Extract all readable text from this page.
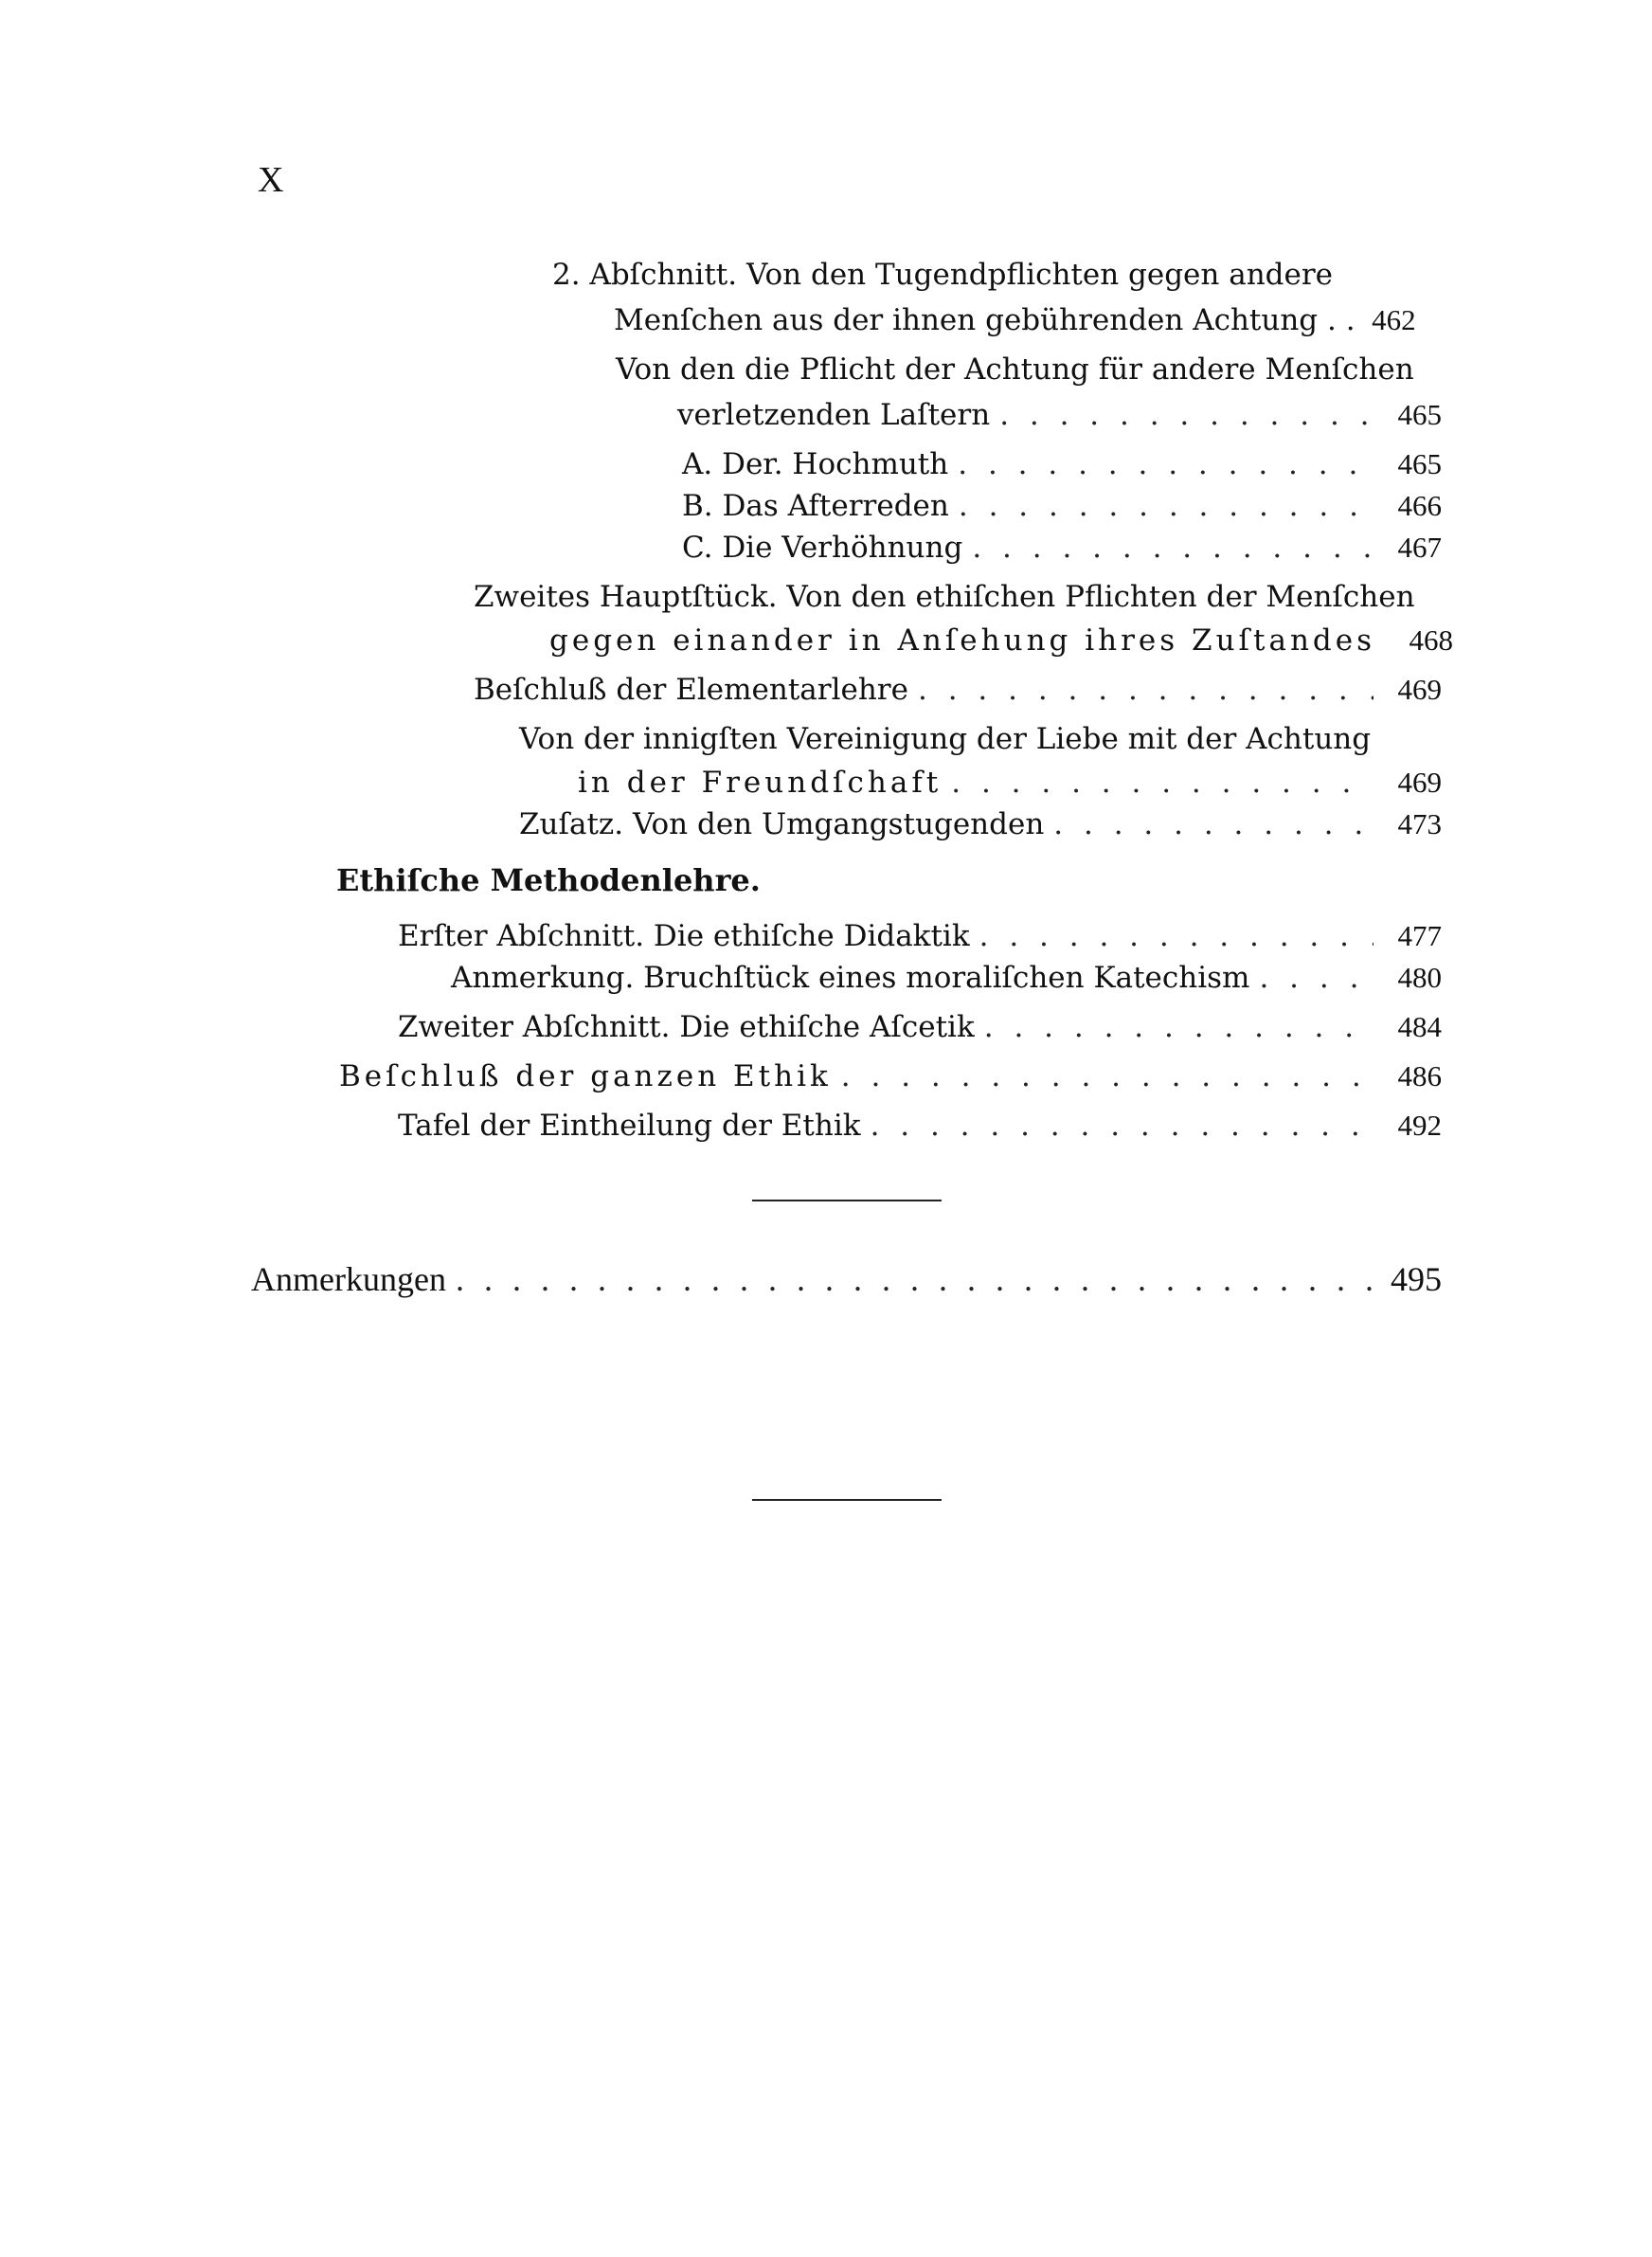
X
2. Abſchnitt. Von den Tugendpflichten gegen andere
Menſchen aus der ihnen gebührenden Achtung . . 462
Von den die Pflicht der Achtung für andere Menſchen
verletzenden Laſtern . . .	465
A. Der. Hochmuth . . .	465
B. Das Afterreden . . .	466
C. Die Verhöhnung . . .	467
Zweites Hauptſtück. Von den ethiſchen Pflichten der Menſchen
gegen einander in Anſehung ihres Zuſtandes	468
Beſchluß der Elementarlehre . . .	469
Von der innigſten Vereinigung der Liebe mit der Achtung
in der Freundſchaft . . .	469
Zuſatz. Von den Umgangstugenden . . .	473
Ethiſche Methodenlehre.
Erſter Abſchnitt. Die ethiſche Didaktik . . .	477
Anmerkung. Bruchſtück eines moraliſchen Katechism . . .	480
Zweiter Abſchnitt. Die ethiſche Aſcetik . . .	484
Beſchluß der ganzen Ethik . . .	486
Tafel der Eintheilung der Ethik . . .	492
Anmerkungen . . .	495
